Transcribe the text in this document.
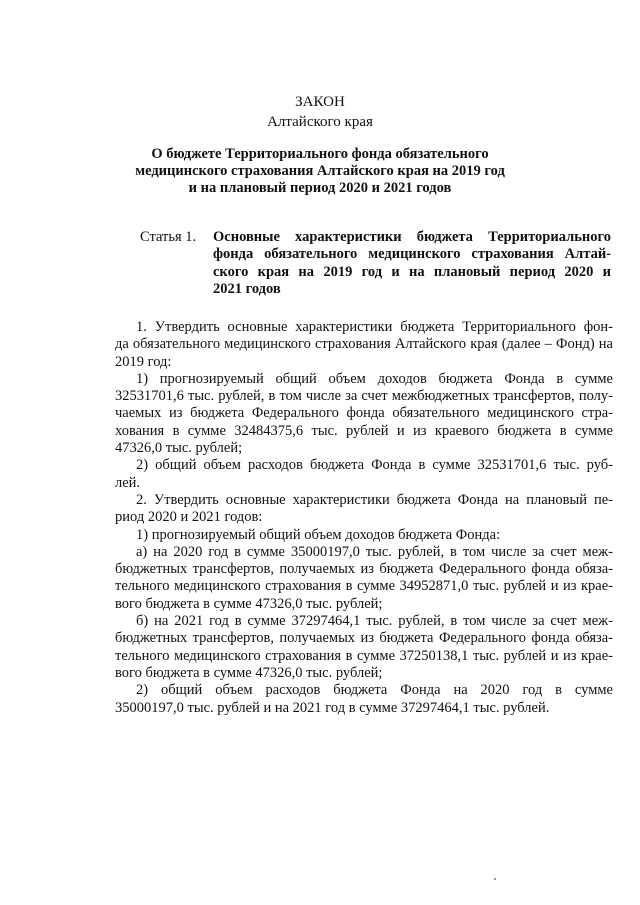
ЗАКОН
Алтайского края
О бюджете Территориального фонда обязательного
медицинского страхования Алтайского края на 2019 год
и на плановый период 2020 и 2021 годов
Статья 1. Основные характеристики бюджета Территориального
фонда обязательного медицинского страхования Алтай-
ского края на 2019 год и на плановый период 2020 и
2021 годов
1. Утвердить основные характеристики бюджета Территориального фон-
да обязательного медицинского страхования Алтайского края (далее – Фонд) на
2019 год:
1) прогнозируемый общий объем доходов бюджета Фонда в сумме
32531701,6 тыс. рублей, в том числе за счет межбюджетных трансфертов, полу-
чаемых из бюджета Федерального фонда обязательного медицинского стра-
хования в сумме 32484375,6 тыс. рублей и из краевого бюджета в сумме
47326,0 тыс. рублей;
2) общий объем расходов бюджета Фонда в сумме 32531701,6 тыс. руб-
лей.
2. Утвердить основные характеристики бюджета Фонда на плановый пе-
риод 2020 и 2021 годов:
1) прогнозируемый общий объем доходов бюджета Фонда:
а) на 2020 год в сумме 35000197,0 тыс. рублей, в том числе за счет меж-
бюджетных трансфертов, получаемых из бюджета Федерального фонда обяза-
тельного медицинского страхования в сумме 34952871,0 тыс. рублей и из крае-
вого бюджета в сумме 47326,0 тыс. рублей;
б) на 2021 год в сумме 37297464,1 тыс. рублей, в том числе за счет меж-
бюджетных трансфертов, получаемых из бюджета Федерального фонда обяза-
тельного медицинского страхования в сумме 37250138,1 тыс. рублей и из крае-
вого бюджета в сумме 47326,0 тыс. рублей;
2) общий объем расходов бюджета Фонда на 2020 год в сумме
35000197,0 тыс. рублей и на 2021 год в сумме 37297464,1 тыс. рублей.
